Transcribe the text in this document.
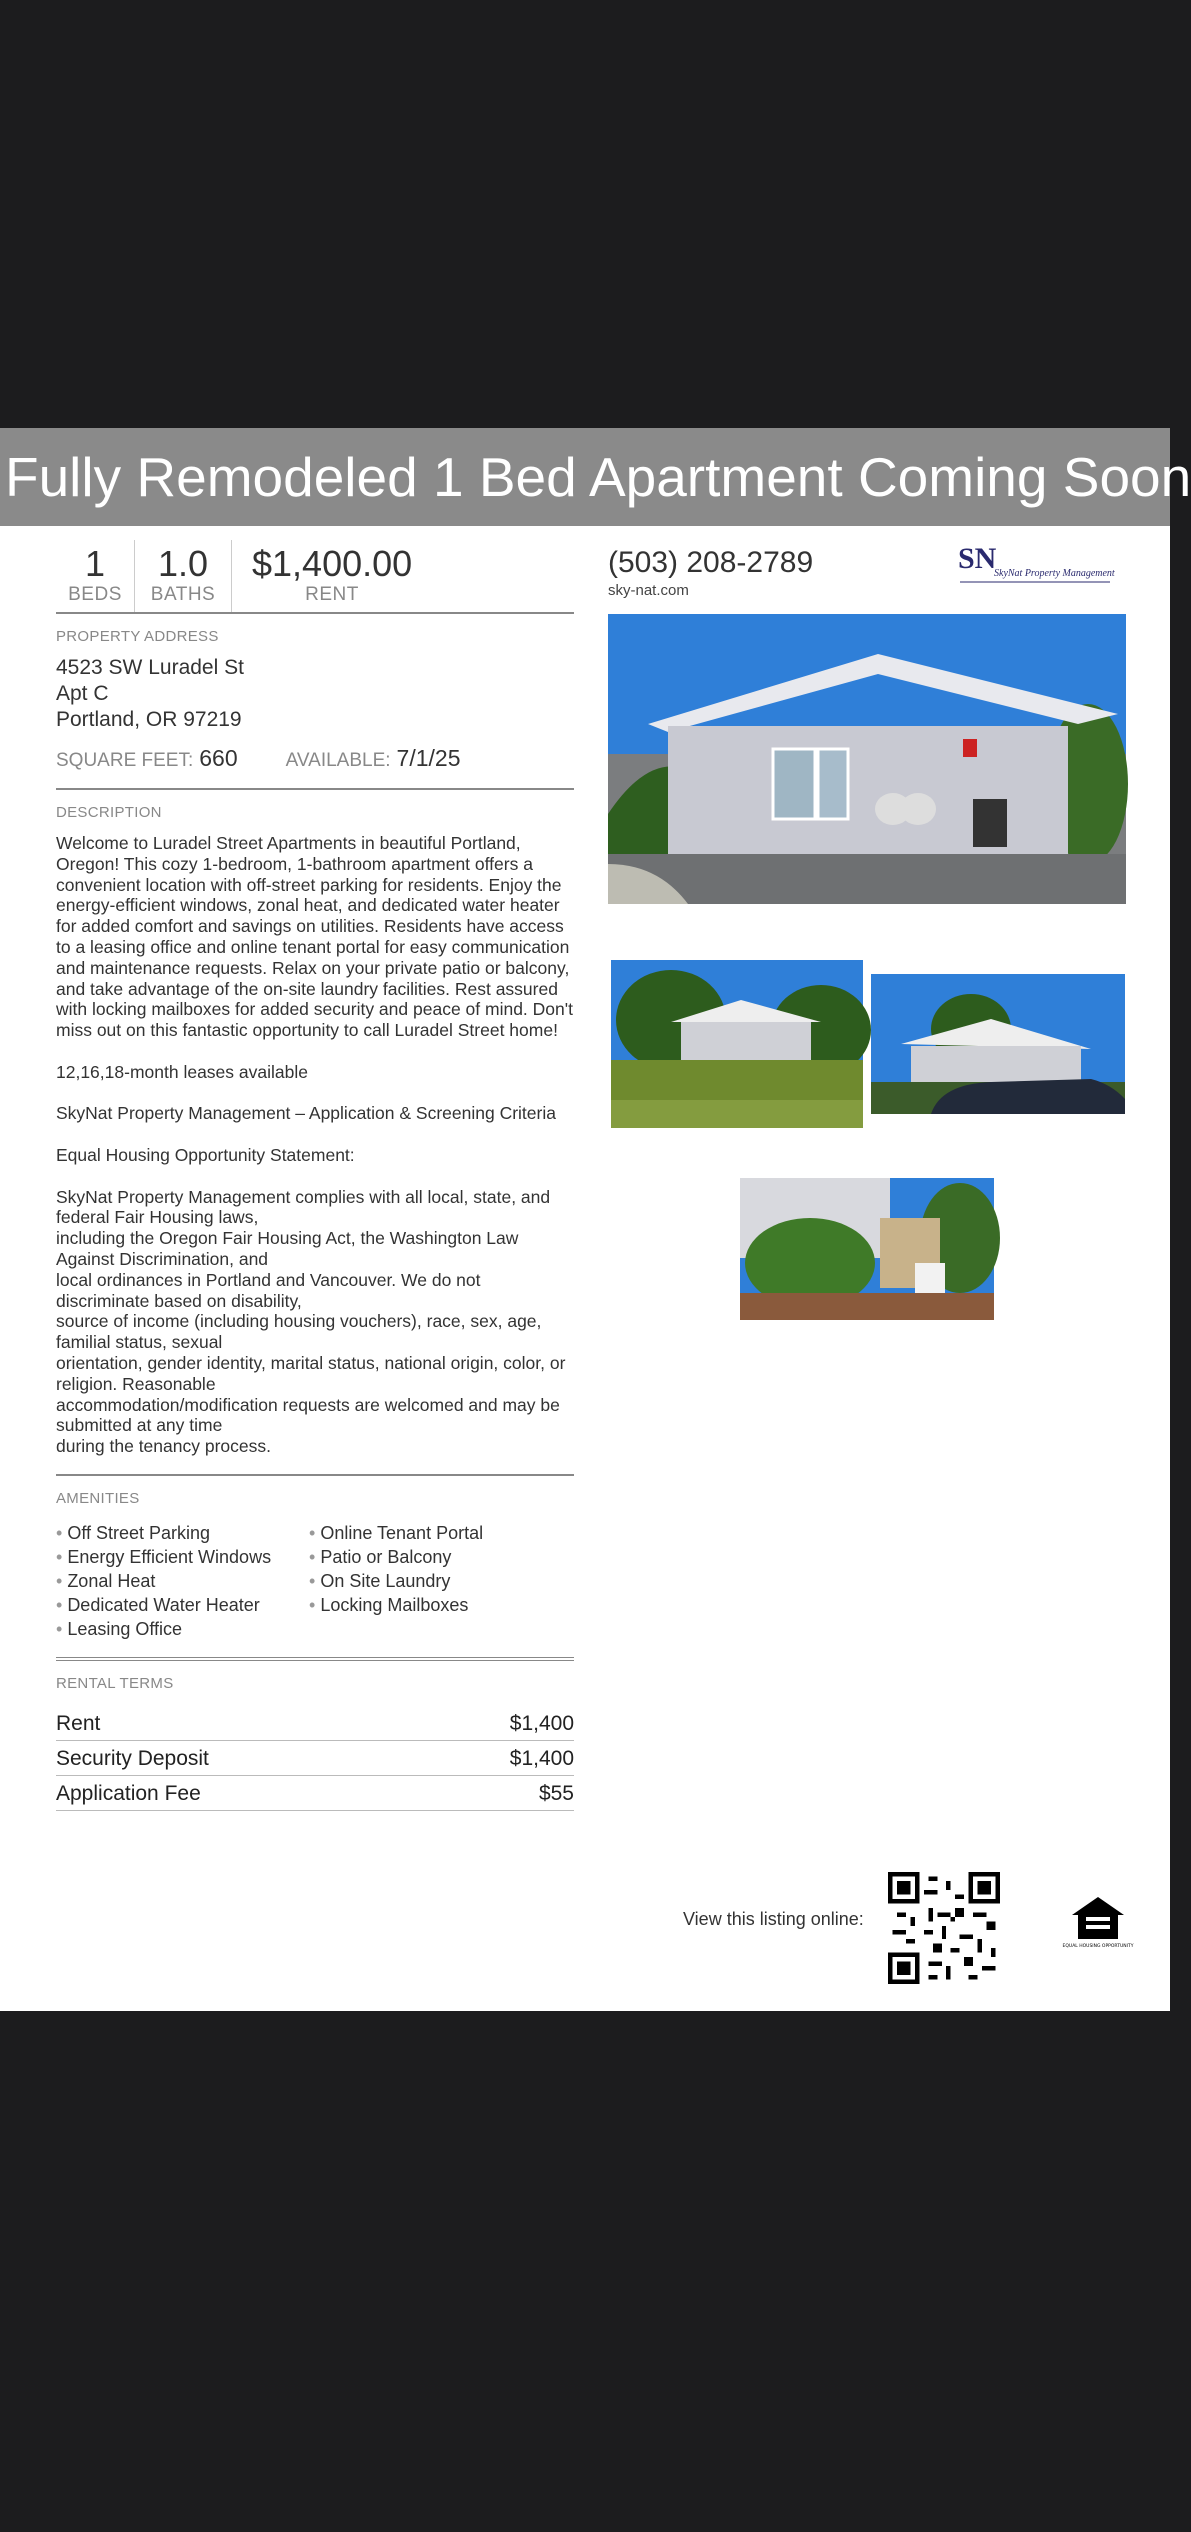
Fully Remodeled 1 Bed Apartment Coming Soon
1
BEDS
1.0
BATHS
$1,400.00
RENT
PROPERTY ADDRESS
4523 SW Luradel St
Apt C
Portland, OR 97219
SQUARE FEET: 660	AVAILABLE: 7/1/25
DESCRIPTION

Welcome to Luradel Street Apartments in beautiful Portland, Oregon! This cozy 1-bedroom, 1-bathroom apartment offers a convenient location with off-street parking for residents. Enjoy the energy-efficient windows, zonal heat, and dedicated water heater for added comfort and savings on utilities. Residents have access to a leasing office and online tenant portal for easy communication and maintenance requests. Relax on your private patio or balcony, and take advantage of the on-site laundry facilities. Rest assured with locking mailboxes for added security and peace of mind. Don't miss out on this fantastic opportunity to call Luradel Street home!

12,16,18-month leases available

SkyNat Property Management – Application & Screening Criteria

Equal Housing Opportunity Statement:

SkyNat Property Management complies with all local, state, and federal Fair Housing laws,
including the Oregon Fair Housing Act, the Washington Law Against Discrimination, and
local ordinances in Portland and Vancouver. We do not discriminate based on disability,
source of income (including housing vouchers), race, sex, age, familial status, sexual
orientation, gender identity, marital status, national origin, color, or religion. Reasonable
accommodation/modification requests are welcomed and may be submitted at any time
during the tenancy process.
AMENITIES
• Off Street Parking
• Energy Efficient Windows
• Zonal Heat
• Dedicated Water Heater
• Leasing Office
• Online Tenant Portal
• Patio or Balcony
• On Site Laundry
• Locking Mailboxes
RENTAL TERMS
Rent	$1,400
Security Deposit	$1,400
Application Fee	$55
(503) 208-2789
sky-nat.com
SN
SkyNat Property Management
View this listing online:
EQUAL HOUSING OPPORTUNITY
